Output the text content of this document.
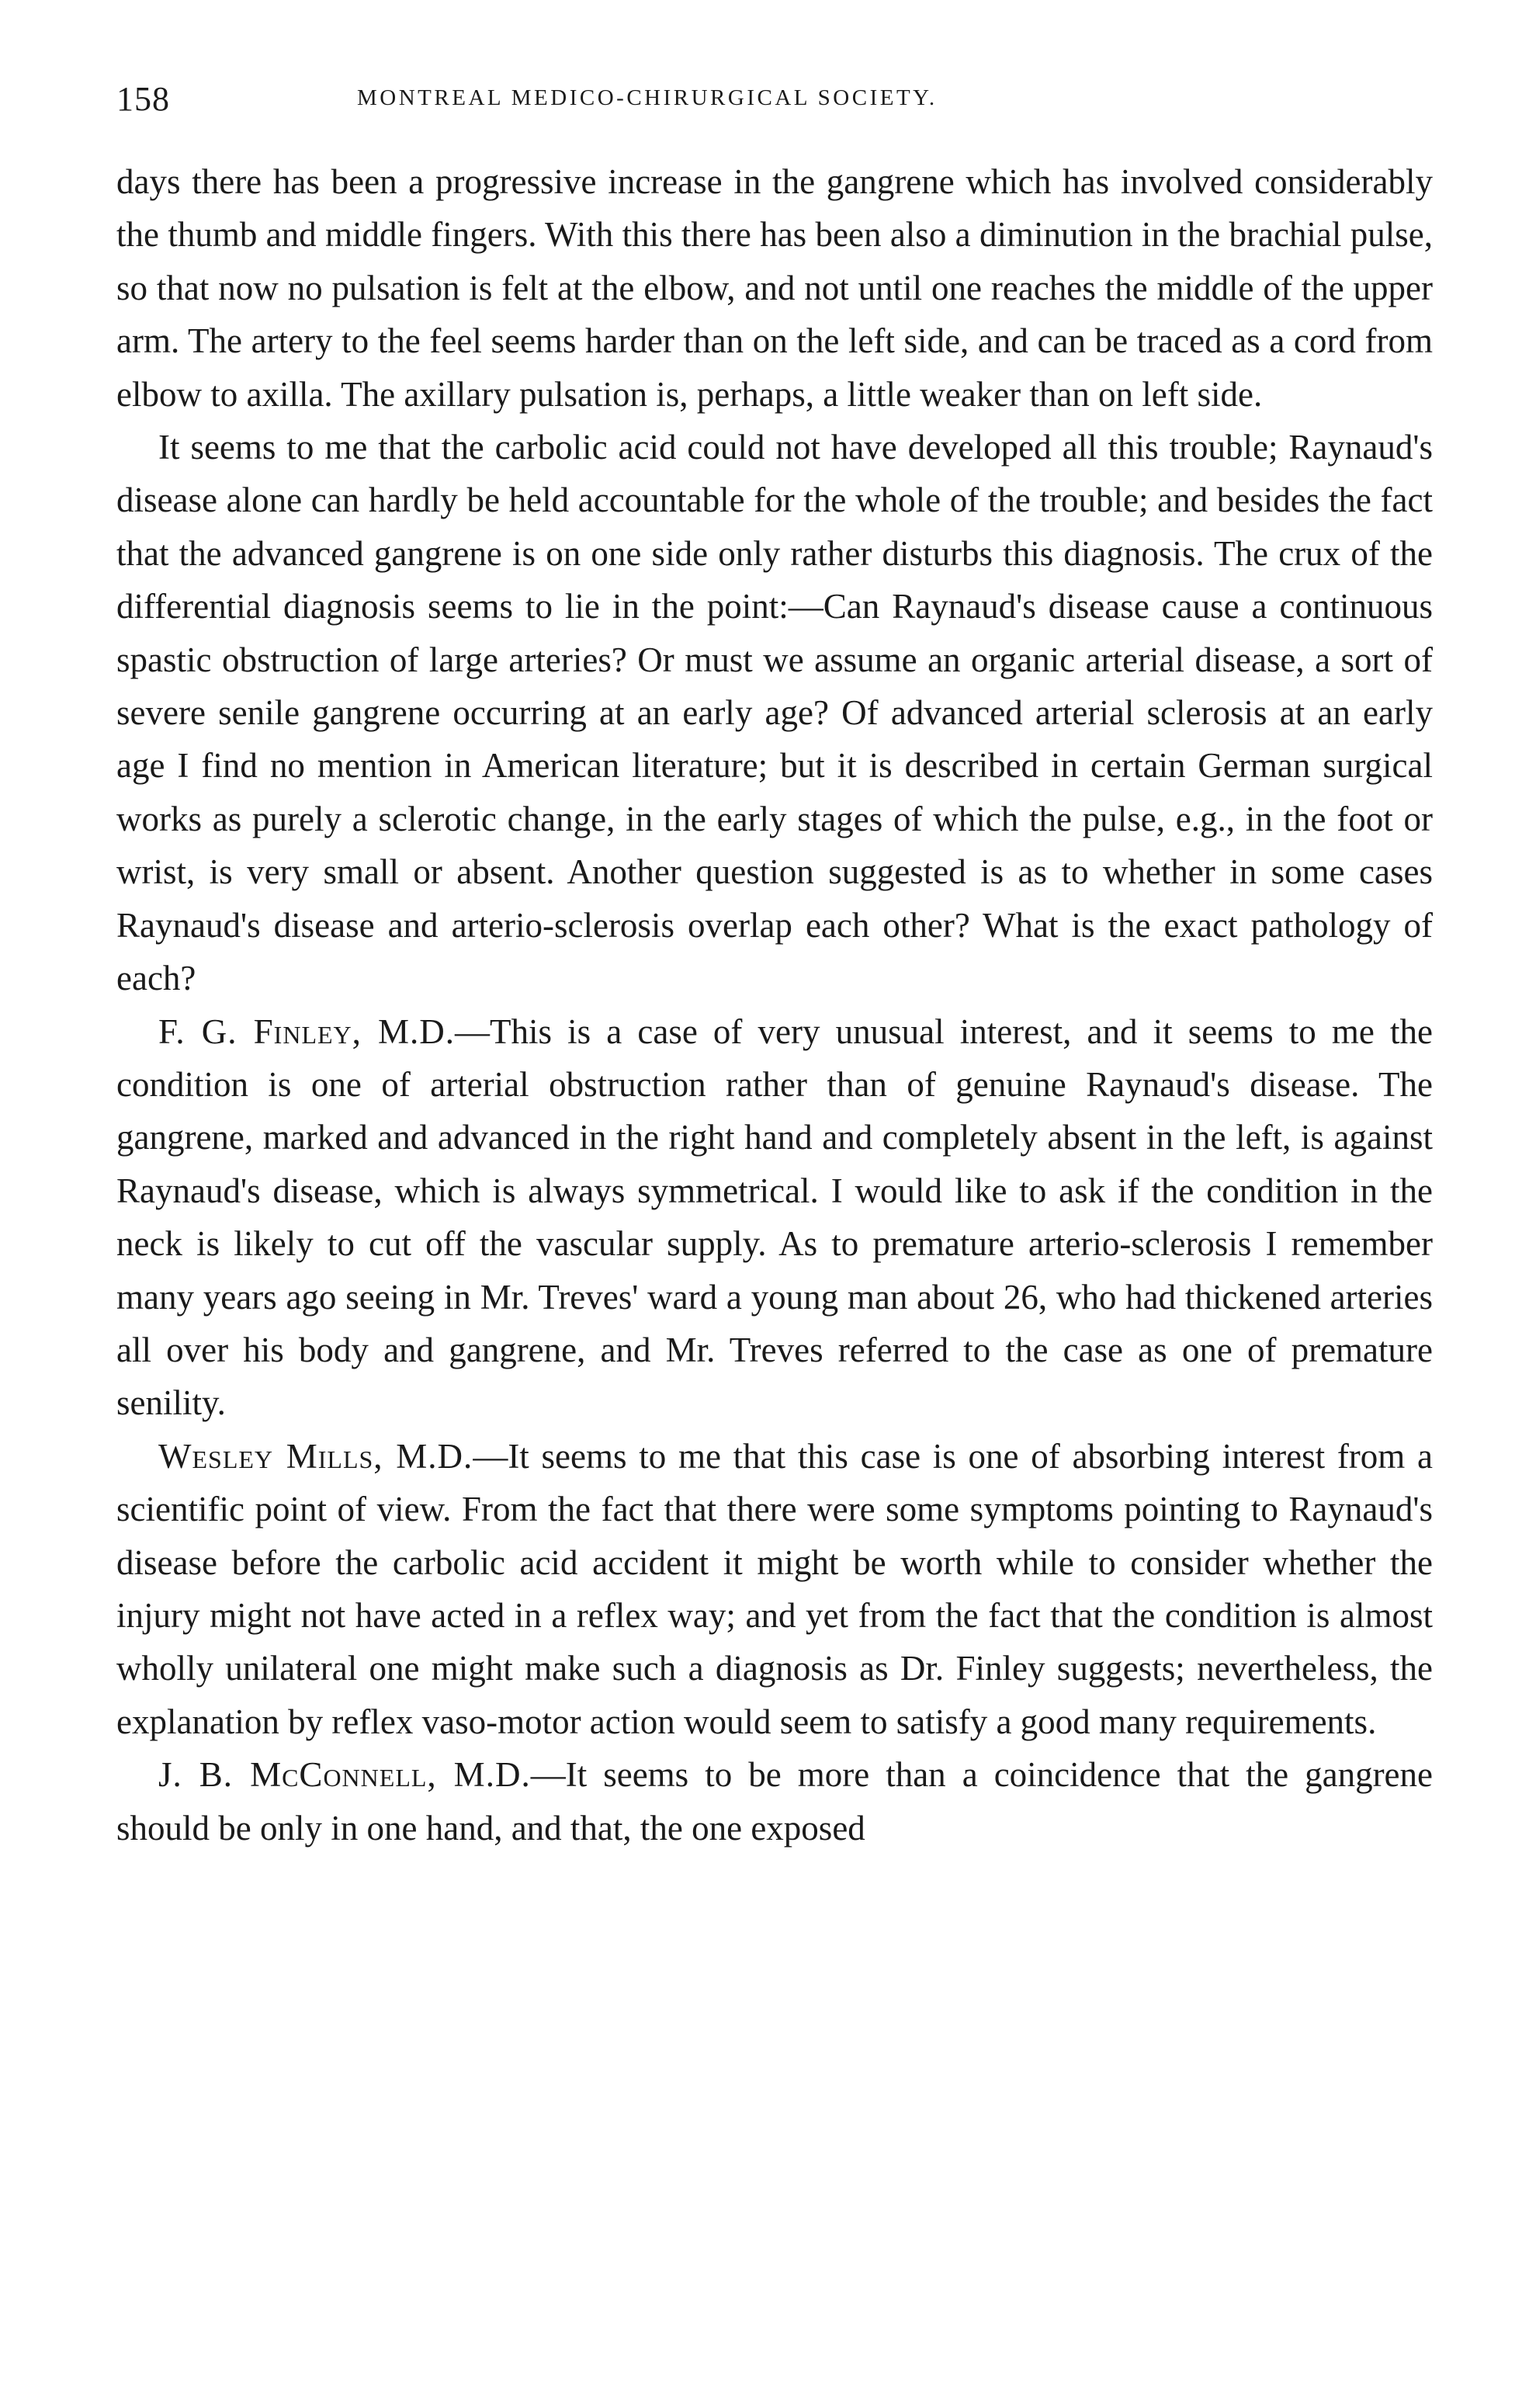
158	MONTREAL MEDICO-CHIRURGICAL SOCIETY.

days there has been a progressive increase in the gangrene which has involved considerably the thumb and middle fingers. With this there has been also a diminution in the brachial pulse, so that now no pulsation is felt at the elbow, and not until one reaches the middle of the upper arm. The artery to the feel seems harder than on the left side, and can be traced as a cord from elbow to axilla. The axillary pulsation is, perhaps, a little weaker than on left side.

It seems to me that the carbolic acid could not have developed all this trouble; Raynaud's disease alone can hardly be held accountable for the whole of the trouble; and besides the fact that the advanced gangrene is on one side only rather disturbs this diagnosis. The crux of the differential diagnosis seems to lie in the point:—Can Raynaud's disease cause a continuous spastic obstruction of large arteries? Or must we assume an organic arterial disease, a sort of severe senile gangrene occurring at an early age? Of advanced arterial sclerosis at an early age I find no mention in American literature; but it is described in certain German surgical works as purely a sclerotic change, in the early stages of which the pulse, e.g., in the foot or wrist, is very small or absent. Another question suggested is as to whether in some cases Raynaud's disease and arterio-sclerosis overlap each other? What is the exact pathology of each?

F. G. Finley, M.D.—This is a case of very unusual interest, and it seems to me the condition is one of arterial obstruction rather than of genuine Raynaud's disease. The gangrene, marked and advanced in the right hand and completely absent in the left, is against Raynaud's disease, which is always symmetrical. I would like to ask if the condition in the neck is likely to cut off the vascular supply. As to premature arterio-sclerosis I remember many years ago seeing in Mr. Treves' ward a young man about 26, who had thickened arteries all over his body and gangrene, and Mr. Treves referred to the case as one of premature senility.

Wesley Mills, M.D.—It seems to me that this case is one of absorbing interest from a scientific point of view. From the fact that there were some symptoms pointing to Raynaud's disease before the carbolic acid accident it might be worth while to consider whether the injury might not have acted in a reflex way; and yet from the fact that the condition is almost wholly unilateral one might make such a diagnosis as Dr. Finley suggests; nevertheless, the explanation by reflex vaso-motor action would seem to satisfy a good many requirements.

J. B. McConnell, M.D.—It seems to be more than a coincidence that the gangrene should be only in one hand, and that, the one exposed
